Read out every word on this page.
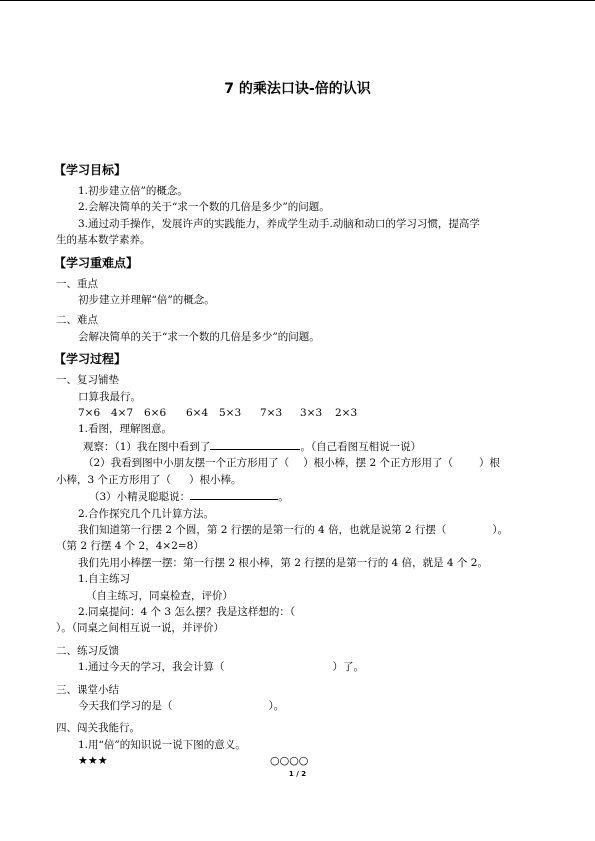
7 的乘法口诀-倍的认识
【学习目标】
1.初步建立倍”的概念。
2.会解决简单的关于“求一个数的几倍是多少”的问题。
3.通过动手操作，发展许声的实践能力，养成学生动手.动脑和动口的学习习惯，提高学
生的基本数学素养。
【学习重难点】
一、重点
初步建立并理解“倍”的概念。
二、难点
会解决简单的关于“求一个数的几倍是多少”的问题。
【学习过程】
一、复习铺垫
口算我最行。
7×6	4×7	6×6	6×4	5×3	7×3	3×3	2×3
1.看图，理解图意。
观察：（1）我在图中看到了	。（自己看图互相说一说）
（2）我看到图中小朋友摆一个正方形用了（ ）根小棒，摆 2 个正方形用了（ ）根
小棒，3 个正方形用了（ ）根小棒。
（3）小精灵聪聪说：	。
2.合作探究几个几计算方法。
我们知道第一行摆 2 个圆，第 2 行摆的是第一行的 4 倍，也就是说第 2 行摆（	）。
（第 2 行摆 4 个 2，4×2=8）
我们先用小棒摆一摆：第一行摆 2 根小棒，第 2 行摆的是第一行的 4 倍，就是 4 个 2。
1.自主练习
（自主练习，同桌检查，评价）
2.同桌提问：4 个 3 怎么摆？我是这样想的：（
）。（同桌之间相互说一说，并评价）
二、练习反馈
1.通过今天的学习，我会计算（	）了。
三、课堂小结
今天我们学习的是（	）。
四、闯关我能行。
1.用“倍”的知识说一说下图的意义。
★★★	○○○○
1 / 2
